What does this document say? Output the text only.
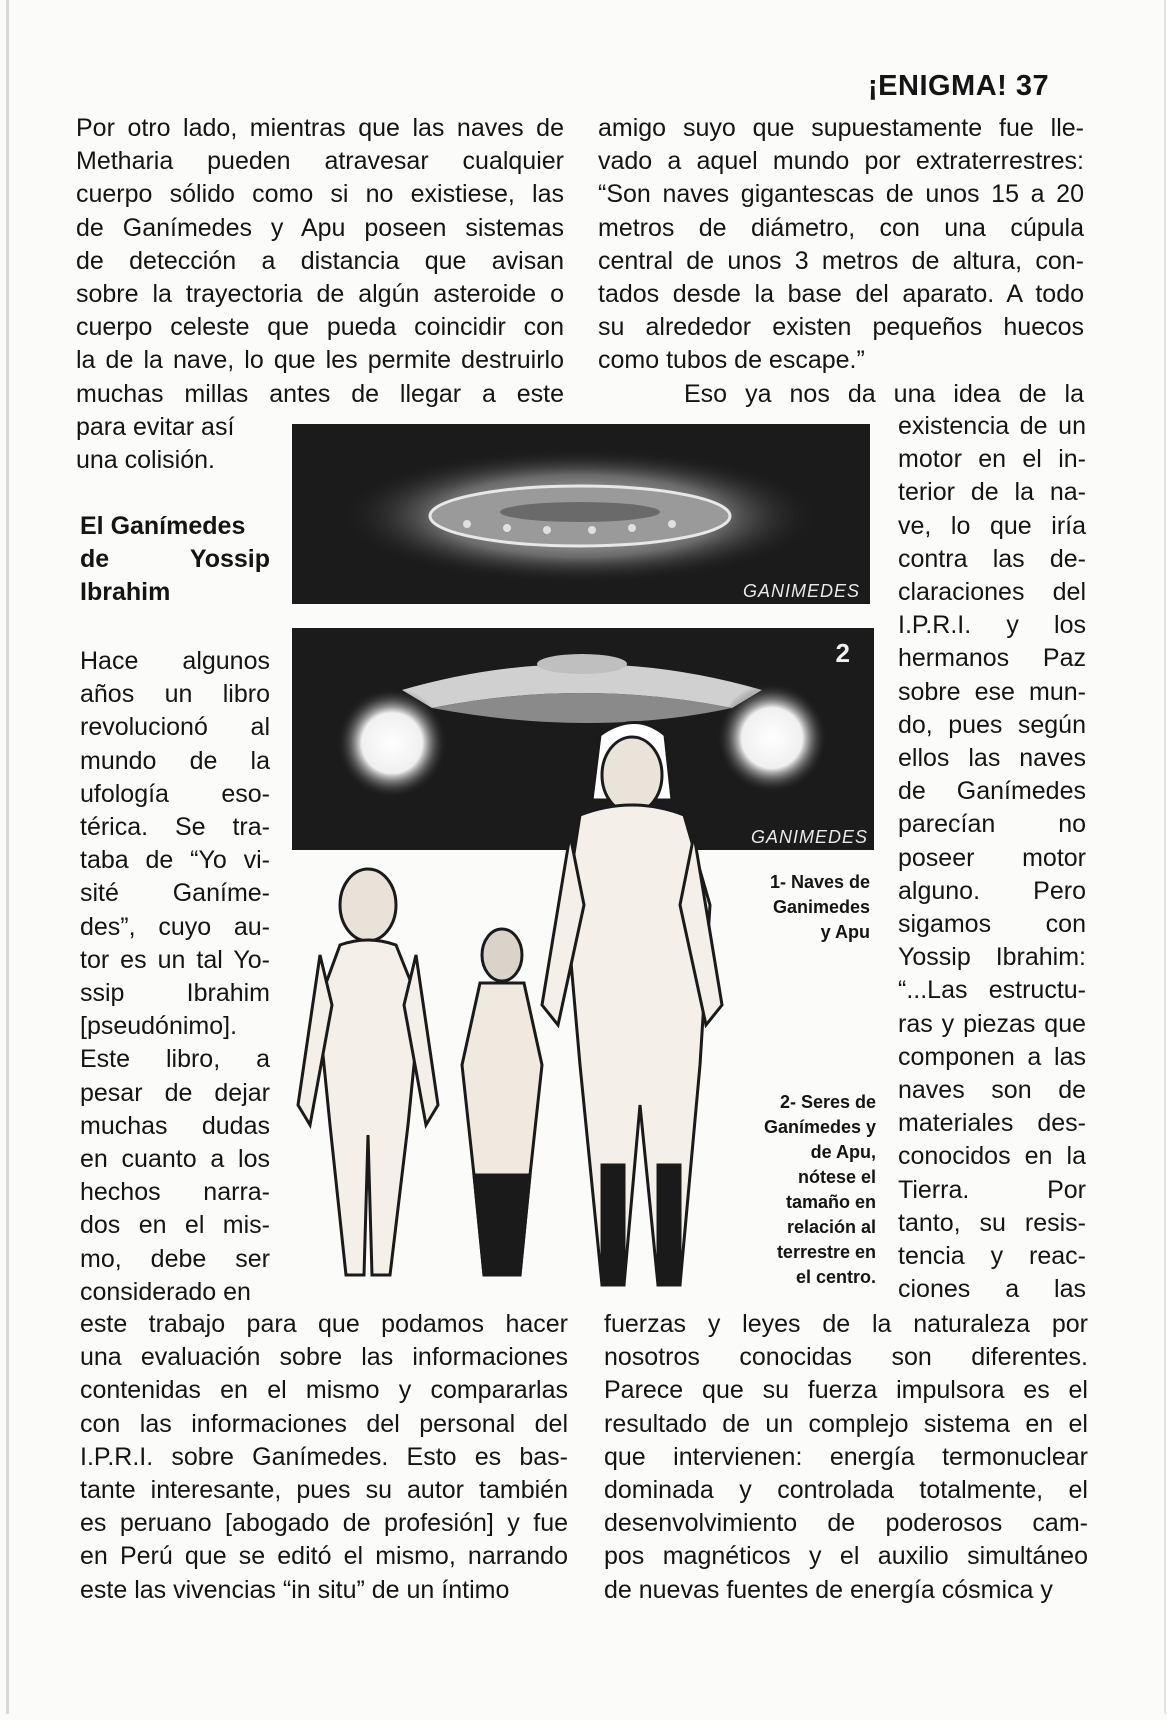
¡ENIGMA! 37
Por otro lado, mientras que las naves de
Metharia pueden atravesar cualquier
cuerpo sólido como si no existiese, las
de Ganímedes y Apu poseen sistemas
de detección a distancia que avisan
sobre la trayectoria de algún asteroide o
cuerpo celeste que pueda coincidir con
la de la nave, lo que les permite destruirlo
muchas millas antes de llegar a este
para evitar así
una colisión.
Hace algunos
años un libro
revolucionó al
mundo de la
ufología eso-
térica. Se tra-
taba de “Yo vi-
sité Ganíme-
des”, cuyo au-
tor es un tal Yo-
ssip Ibrahim
[pseudónimo].
Este libro, a
pesar de dejar
muchas dudas
en cuanto a los
hechos narra-
dos en el mis-
mo, debe ser
considerado en
este trabajo para que podamos hacer
una evaluación sobre las informaciones
contenidas en el mismo y compararlas
con las informaciones del personal del
I.P.R.I. sobre Ganímedes. Esto es bas-
tante interesante, pues su autor también
es peruano [abogado de profesión] y fue
en Perú que se editó el mismo, narrando
este las vivencias “in situ” de un íntimo
amigo suyo que supuestamente fue lle-
vado a aquel mundo por extraterrestres:
“Son naves gigantescas de unos 15 a 20
metros de diámetro, con una cúpula
central de unos 3 metros de altura, con-
tados desde la base del aparato. A todo
su alrededor existen pequeños huecos
como tubos de escape.”
Eso ya nos da una idea de la
existencia de un
motor en el in-
terior de la na-
ve, lo que iría
contra las de-
claraciones del
I.P.R.I. y los
hermanos Paz
sobre ese mun-
do, pues según
ellos las naves
de Ganímedes
parecían no
poseer motor
alguno. Pero
sigamos con
Yossip Ibrahim:
“...Las estructu-
ras y piezas que
componen a las
naves son de
materiales des-
conocidos en la
Tierra. Por
tanto, su resis-
tencia y reac-
ciones a las
fuerzas y leyes de la naturaleza por
nosotros conocidas son diferentes.
Parece que su fuerza impulsora es el
resultado de un complejo sistema en el
que intervienen: energía termonuclear
dominada y controlada totalmente, el
desenvolvimiento de poderosos cam-
pos magnéticos y el auxilio simultáneo
de nuevas fuentes de energía cósmica y
El Ganímedes
de	Yossip
Ibrahim	GANIMEDES
2
GANIMEDES
1- Naves de
Ganimedes
y Apu
2- Seres de
Ganímedes y
de Apu,
nótese el
tamaño en
relación al
terrestre en
el centro.
